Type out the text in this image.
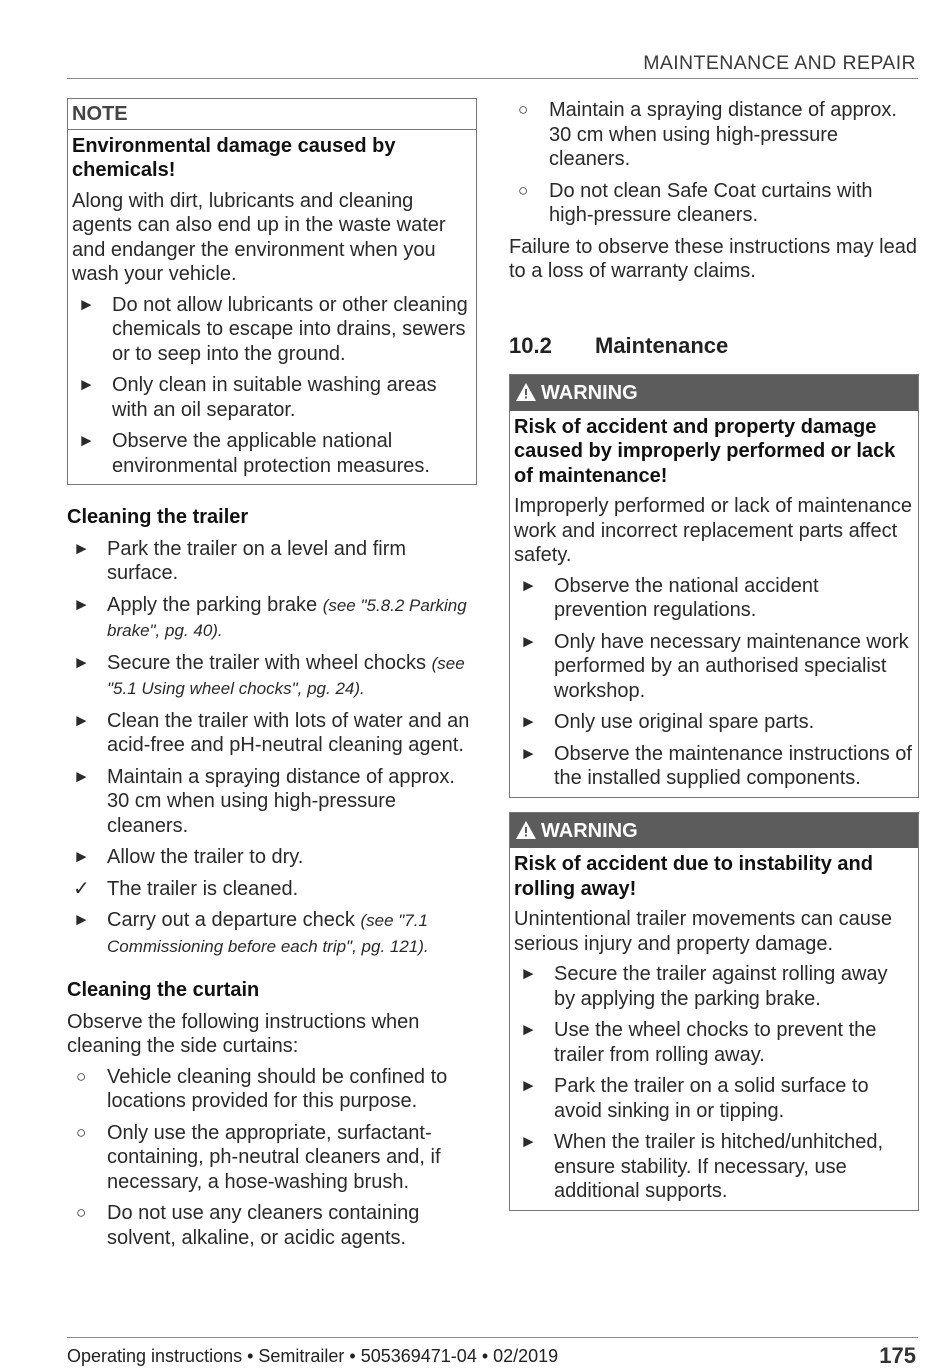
MAINTENANCE AND REPAIR
NOTE
Environmental damage caused by chemicals!
Along with dirt, lubricants and cleaning agents can also end up in the waste water and endanger the environment when you wash your vehicle.
► Do not allow lubricants or other cleaning chemicals to escape into drains, sewers or to seep into the ground.
► Only clean in suitable washing areas with an oil separator.
► Observe the applicable national environmental protection measures.
Cleaning the trailer
► Park the trailer on a level and firm surface.
► Apply the parking brake (see "5.8.2 Parking brake", pg. 40).
► Secure the trailer with wheel chocks (see "5.1 Using wheel chocks", pg. 24).
► Clean the trailer with lots of water and an acid-free and pH-neutral cleaning agent.
► Maintain a spraying distance of approx. 30 cm when using high-pressure cleaners.
► Allow the trailer to dry.
✓ The trailer is cleaned.
► Carry out a departure check (see "7.1 Commissioning before each trip", pg. 121).
Cleaning the curtain
Observe the following instructions when cleaning the side curtains:
○ Vehicle cleaning should be confined to locations provided for this purpose.
○ Only use the appropriate, surfactant-containing, ph-neutral cleaners and, if necessary, a hose-washing brush.
○ Do not use any cleaners containing solvent, alkaline, or acidic agents.
○ Maintain a spraying distance of approx. 30 cm when using high-pressure cleaners.
○ Do not clean Safe Coat curtains with high-pressure cleaners.
Failure to observe these instructions may lead to a loss of warranty claims.
10.2 Maintenance
WARNING
Risk of accident and property damage caused by improperly performed or lack of maintenance!
Improperly performed or lack of maintenance work and incorrect replacement parts affect safety.
► Observe the national accident prevention regulations.
► Only have necessary maintenance work performed by an authorised specialist workshop.
► Only use original spare parts.
► Observe the maintenance instructions of the installed supplied components.
WARNING
Risk of accident due to instability and rolling away!
Unintentional trailer movements can cause serious injury and property damage.
► Secure the trailer against rolling away by applying the parking brake.
► Use the wheel chocks to prevent the trailer from rolling away.
► Park the trailer on a solid surface to avoid sinking in or tipping.
► When the trailer is hitched/unhitched, ensure stability. If necessary, use additional supports.
Operating instructions • Semitrailer • 505369471-04 • 02/2019	175
